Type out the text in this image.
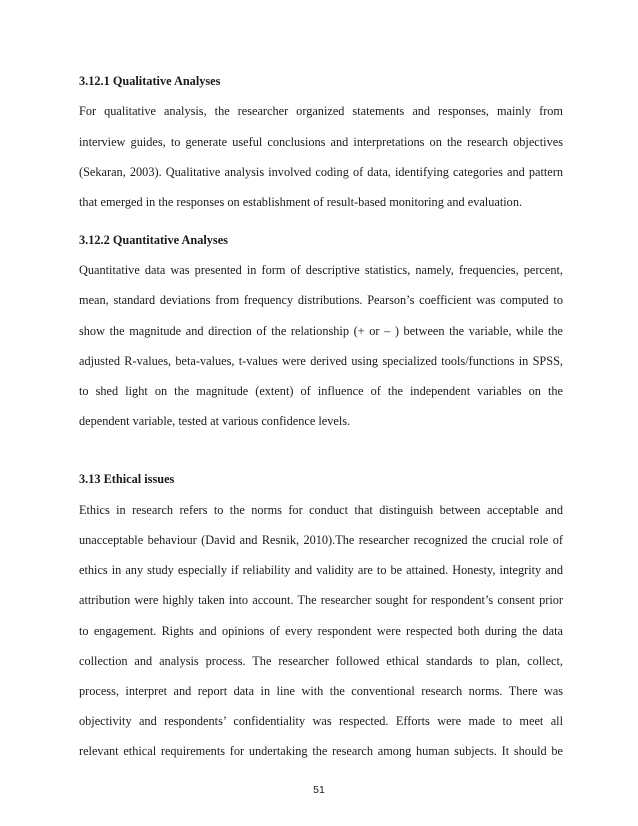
3.12.1 Qualitative Analyses

For qualitative analysis, the researcher organized statements and responses, mainly from

interview guides, to generate useful conclusions and interpretations on the research objectives

(Sekaran, 2003). Qualitative analysis involved coding of data, identifying categories and pattern

that emerged in the responses on establishment of result-based monitoring and evaluation.

3.12.2 Quantitative Analyses

Quantitative data was presented in form of descriptive statistics, namely, frequencies, percent,

mean, standard deviations from frequency distributions. Pearson’s coefficient was computed to

show the magnitude and direction of the relationship (+ or – ) between the variable, while the

adjusted R-values, beta-values, t-values were derived using specialized tools/functions in SPSS,

to shed light on the magnitude (extent) of influence of the independent variables on the

dependent variable, tested at various confidence levels.

3.13 Ethical issues

Ethics in research refers to the norms for conduct that distinguish between acceptable and

unacceptable behaviour (David and Resnik, 2010).The researcher recognized the crucial role of

ethics in any study especially if reliability and validity are to be attained. Honesty, integrity and

attribution were highly taken into account. The researcher sought for respondent’s consent prior

to engagement. Rights and opinions of every respondent were respected both during the data

collection and analysis process. The researcher followed ethical standards to plan, collect,

process, interpret and report data in line with the conventional research norms. There was

objectivity and respondents’ confidentiality was respected. Efforts were made to meet all

relevant ethical requirements for undertaking the research among human subjects. It should be

51
